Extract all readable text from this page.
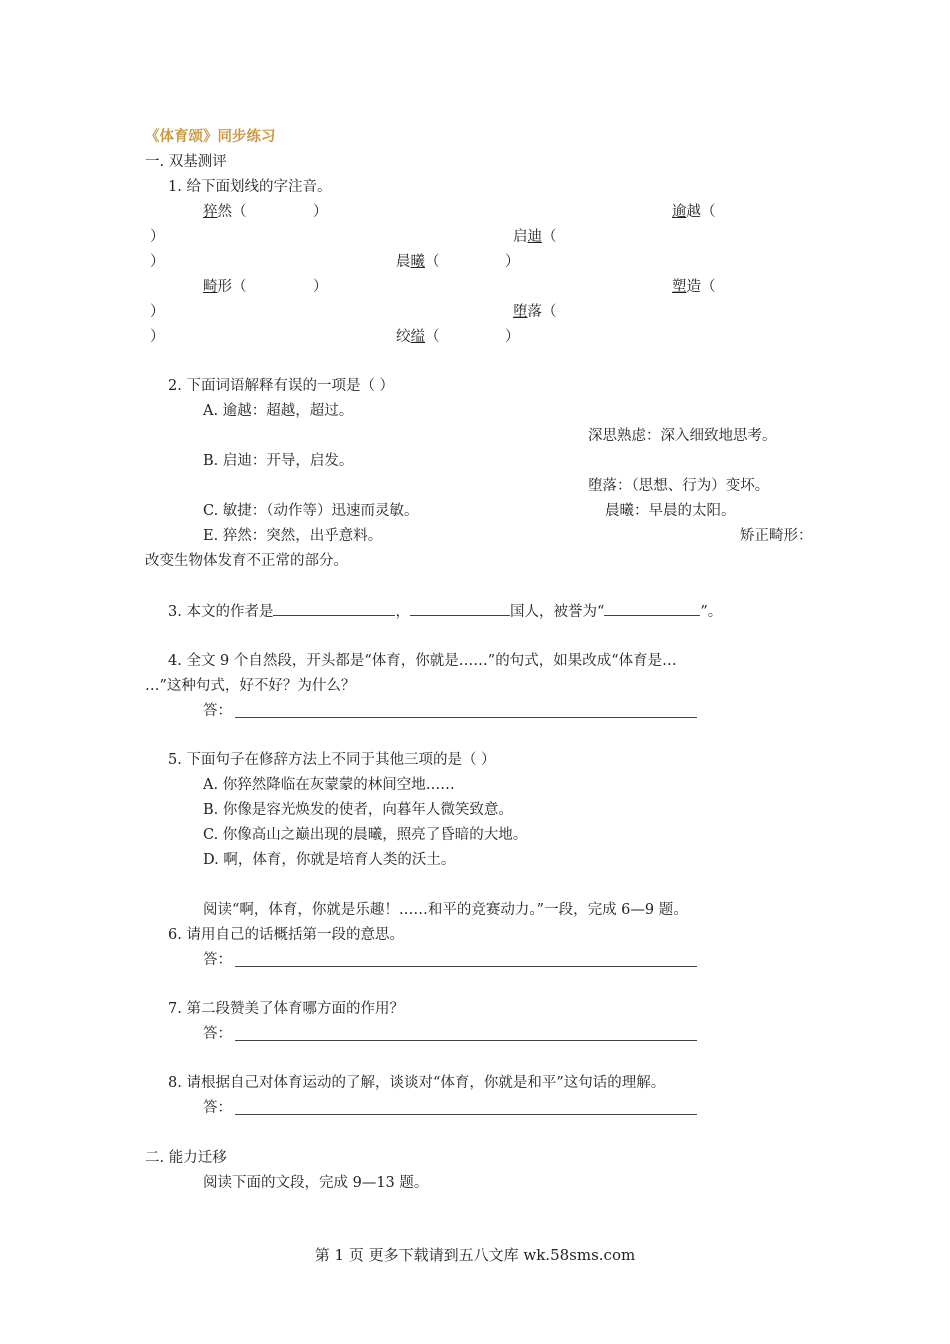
《体育颂》同步练习
一. 双基测评
1. 给下面划线的字注音。
猝然（	）	逾越（
）	启迪（
）	晨曦（	）
畸形（	）	塑造（
）	堕落（
）	绞缢（	）
2. 下面词语解释有误的一项是（ ）
A. 逾越：超越，超过。
深思熟虑：深入细致地思考。
B. 启迪：开导，启发。
堕落：（思想、行为）变坏。
C. 敏捷：（动作等）迅速而灵敏。	晨曦：早晨的太阳。
E. 猝然：突然，出乎意料。	矫正畸形：
改变生物体发育不正常的部分。
3. 本文的作者是	，	国人，被誉为“	”。
4. 全文 9 个自然段，开头都是“体育，你就是……”的句式，如果改成“体育是…
…”这种句式，好不好？为什么？
答：
5. 下面句子在修辞方法上不同于其他三项的是（ ）
A. 你猝然降临在灰蒙蒙的林间空地……
B. 你像是容光焕发的使者，向暮年人微笑致意。
C. 你像高山之巅出现的晨曦，照亮了昏暗的大地。
D. 啊，体育，你就是培育人类的沃土。
阅读“啊，体育，你就是乐趣！……和平的竞赛动力。”一段，完成 6—9 题。
6. 请用自己的话概括第一段的意思。
答：
7. 第二段赞美了体育哪方面的作用？
答：
8. 请根据自己对体育运动的了解，谈谈对“体育，你就是和平”这句话的理解。
答：
二. 能力迁移
阅读下面的文段，完成 9—13 题。
第 1 页 更多下载请到五八文库 wk.58sms.com
